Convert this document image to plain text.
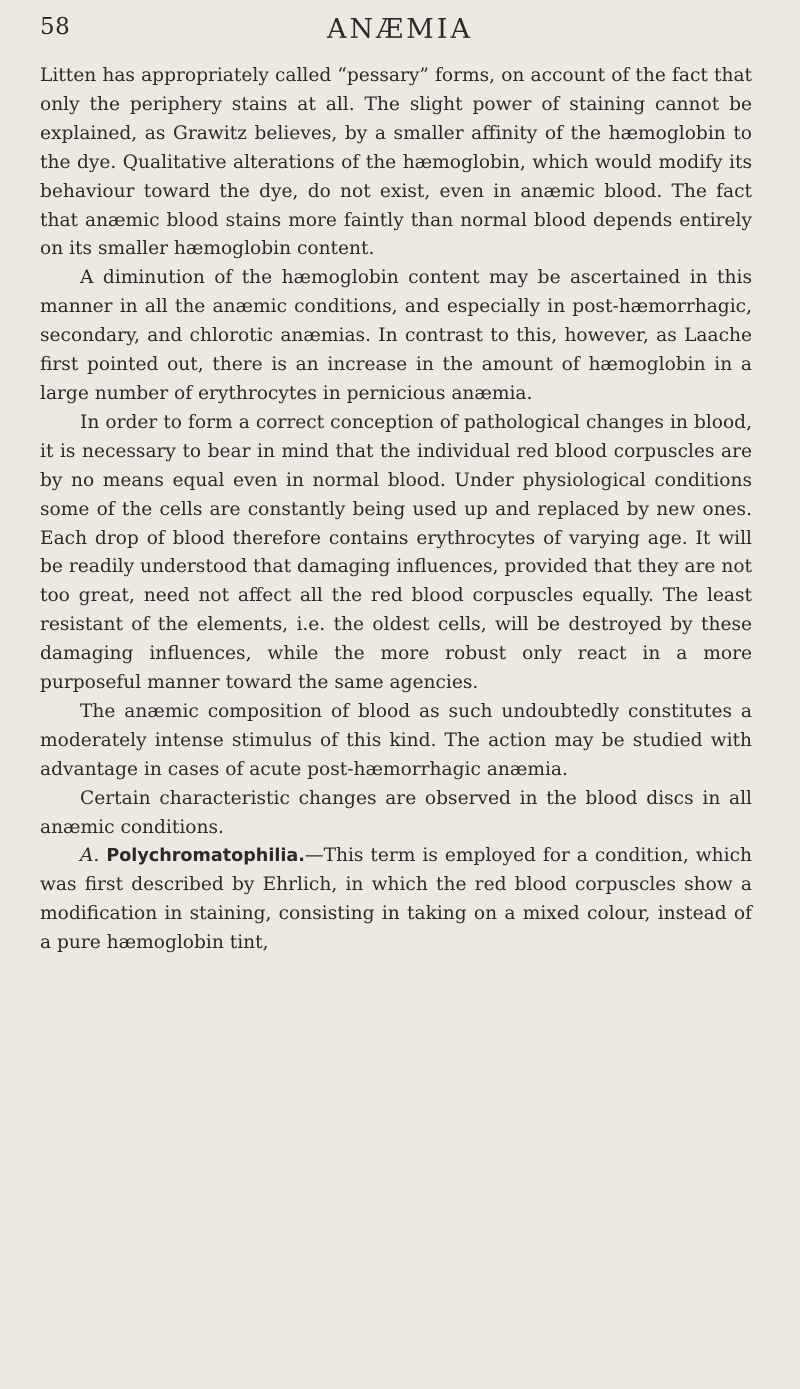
58	ANÆMIA

Litten has appropriately called “pessary” forms, on account of the fact that only the periphery stains at all. The slight power of staining cannot be explained, as Grawitz believes, by a smaller affinity of the hæmoglobin to the dye. Qualitative alterations of the hæmoglobin, which would modify its behaviour toward the dye, do not exist, even in anæmic blood. The fact that anæmic blood stains more faintly than normal blood depends entirely on its smaller hæmoglobin content.

A diminution of the hæmoglobin content may be ascertained in this manner in all the anæmic conditions, and especially in post-hæmorrhagic, secondary, and chlorotic anæmias. In contrast to this, however, as Laache first pointed out, there is an increase in the amount of hæmoglobin in a large number of erythrocytes in pernicious anæmia.

In order to form a correct conception of pathological changes in blood, it is necessary to bear in mind that the individual red blood corpuscles are by no means equal even in normal blood. Under physiological conditions some of the cells are constantly being used up and replaced by new ones. Each drop of blood therefore contains erythrocytes of varying age. It will be readily understood that damaging influences, provided that they are not too great, need not affect all the red blood corpuscles equally. The least resistant of the elements, i.e. the oldest cells, will be destroyed by these damaging influences, while the more robust only react in a more purposeful manner toward the same agencies.

The anæmic composition of blood as such undoubtedly constitutes a moderately intense stimulus of this kind. The action may be studied with advantage in cases of acute post-hæmorrhagic anæmia.

Certain characteristic changes are observed in the blood discs in all anæmic conditions.

A. Polychromatophilia.—This term is employed for a condition, which was first described by Ehrlich, in which the red blood corpuscles show a modification in staining, consisting in taking on a mixed colour, instead of a pure hæmoglobin tint,
